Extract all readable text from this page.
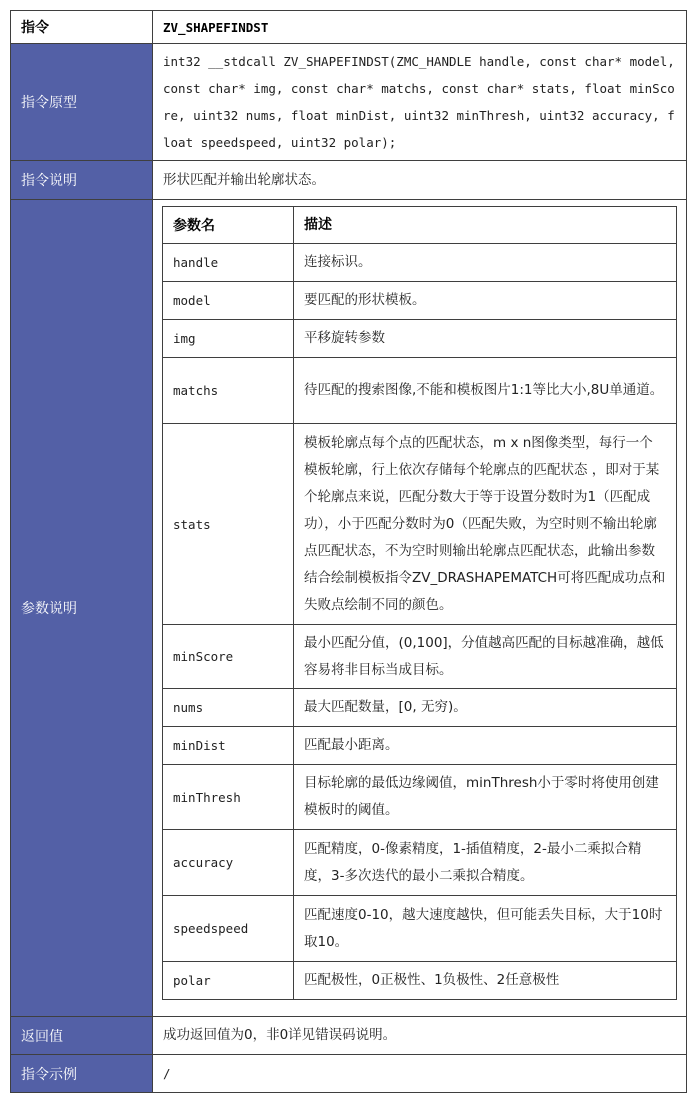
指令	ZV_SHAPEFINDST
指令原型	int32 __stdcall ZV_SHAPEFINDST(ZMC_HANDLE handle, const char* model, const char* img, const char* matchs, const char* stats, float minScore, uint32 nums, float minDist, uint32 minThresh, uint32 accuracy, float speedspeed, uint32 polar);
指令说明	形状匹配并输出轮廓状态。
参数说明	
参数名	描述
handle	连接标识。
model	要匹配的形状模板。
img	平移旋转参数
matchs	待匹配的搜索图像,不能和模板图片1:1等比大小,8U单通道。
stats	模板轮廓点每个点的匹配状态，m x n图像类型，每行一个模板轮廓，行上依次存储每个轮廓点的匹配状态 ，即对于某个轮廓点来说，匹配分数大于等于设置分数时为1（匹配成功），小于匹配分数时为0（匹配失败，为空时则不输出轮廓点匹配状态，不为空时则输出轮廓点匹配状态，此输出参数结合绘制模板指令ZV_DRASHAPEMATCH可将匹配成功点和失败点绘制不同的颜色。
minScore	最小匹配分值，(0,100]，分值越高匹配的目标越准确，越低容易将非目标当成目标。
nums	最大匹配数量，[0, 无穷)。
minDist	匹配最小距离。
minThresh	目标轮廓的最低边缘阈值，minThresh小于零时将使用创建模板时的阈值。
accuracy	匹配精度，0-像素精度，1-插值精度，2-最小二乘拟合精度，3-多次迭代的最小二乘拟合精度。
speedspeed	匹配速度0-10，越大速度越快，但可能丢失目标，大于10时取10。
polar	匹配极性，0正极性、1负极性、2任意极性

返回值	成功返回值为0，非0详见错误码说明。
指令示例	/
